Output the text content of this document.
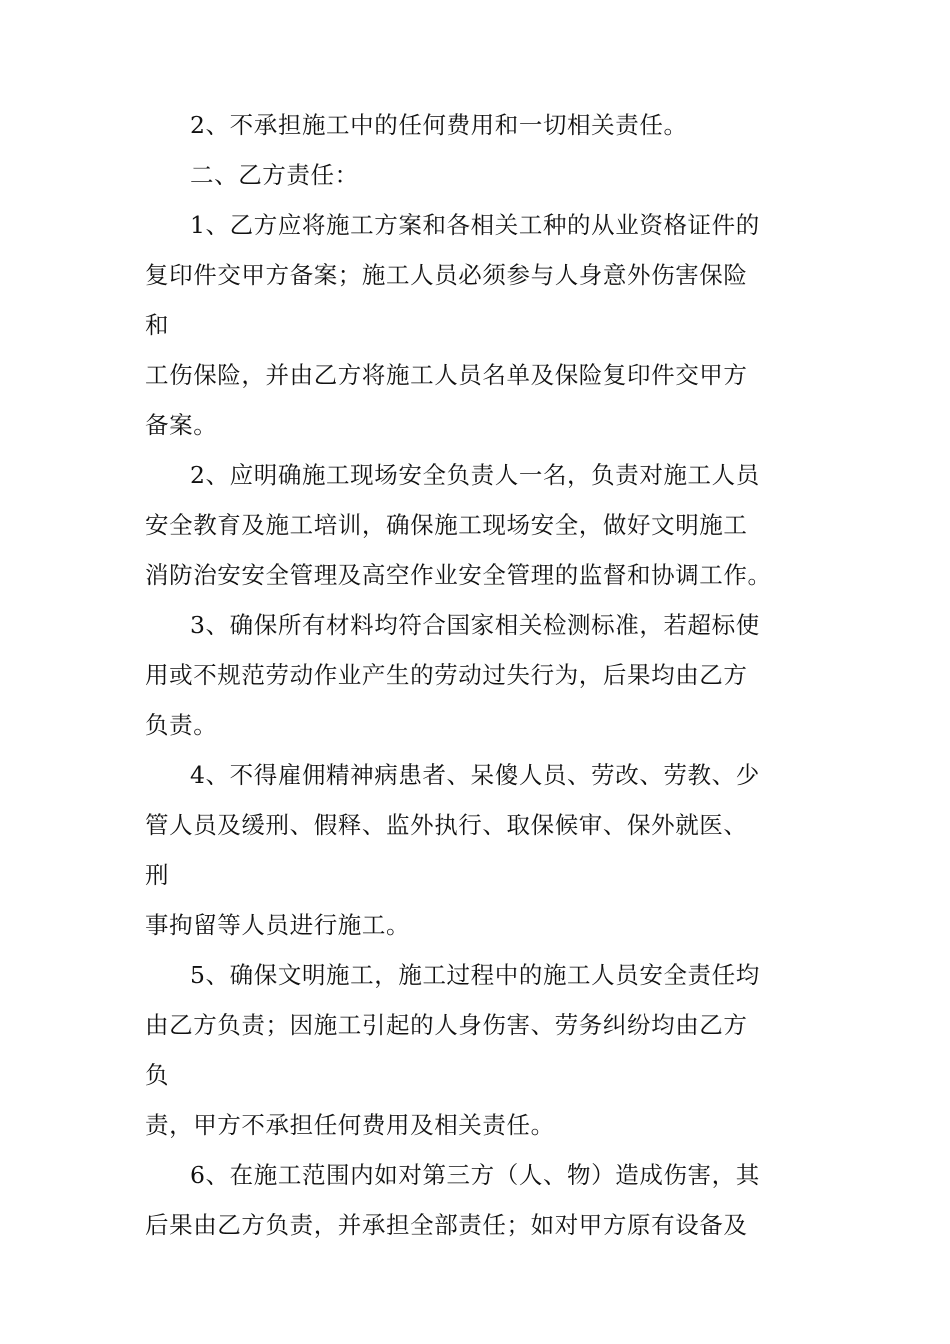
2、不承担施工中的任何费用和一切相关责任。
二、乙方责任：
1、乙方应将施工方案和各相关工种的从业资格证件的
复印件交甲方备案；施工人员必须参与人身意外伤害保险
和
工伤保险，并由乙方将施工人员名单及保险复印件交甲方
备案。
2、应明确施工现场安全负责人一名，负责对施工人员
安全教育及施工培训，确保施工现场安全，做好文明施工
消防治安安全管理及高空作业安全管理的监督和协调工作。
3、确保所有材料均符合国家相关检测标准，若超标使
用或不规范劳动作业产生的劳动过失行为，后果均由乙方
负责。
4、不得雇佣精神病患者、呆傻人员、劳改、劳教、少
管人员及缓刑、假释、监外执行、取保候审、保外就医、
刑
事拘留等人员进行施工。
5、确保文明施工，施工过程中的施工人员安全责任均
由乙方负责；因施工引起的人身伤害、劳务纠纷均由乙方
负
责，甲方不承担任何费用及相关责任。
6、在施工范围内如对第三方（人、物）造成伤害，其
后果由乙方负责，并承担全部责任；如对甲方原有设备及
